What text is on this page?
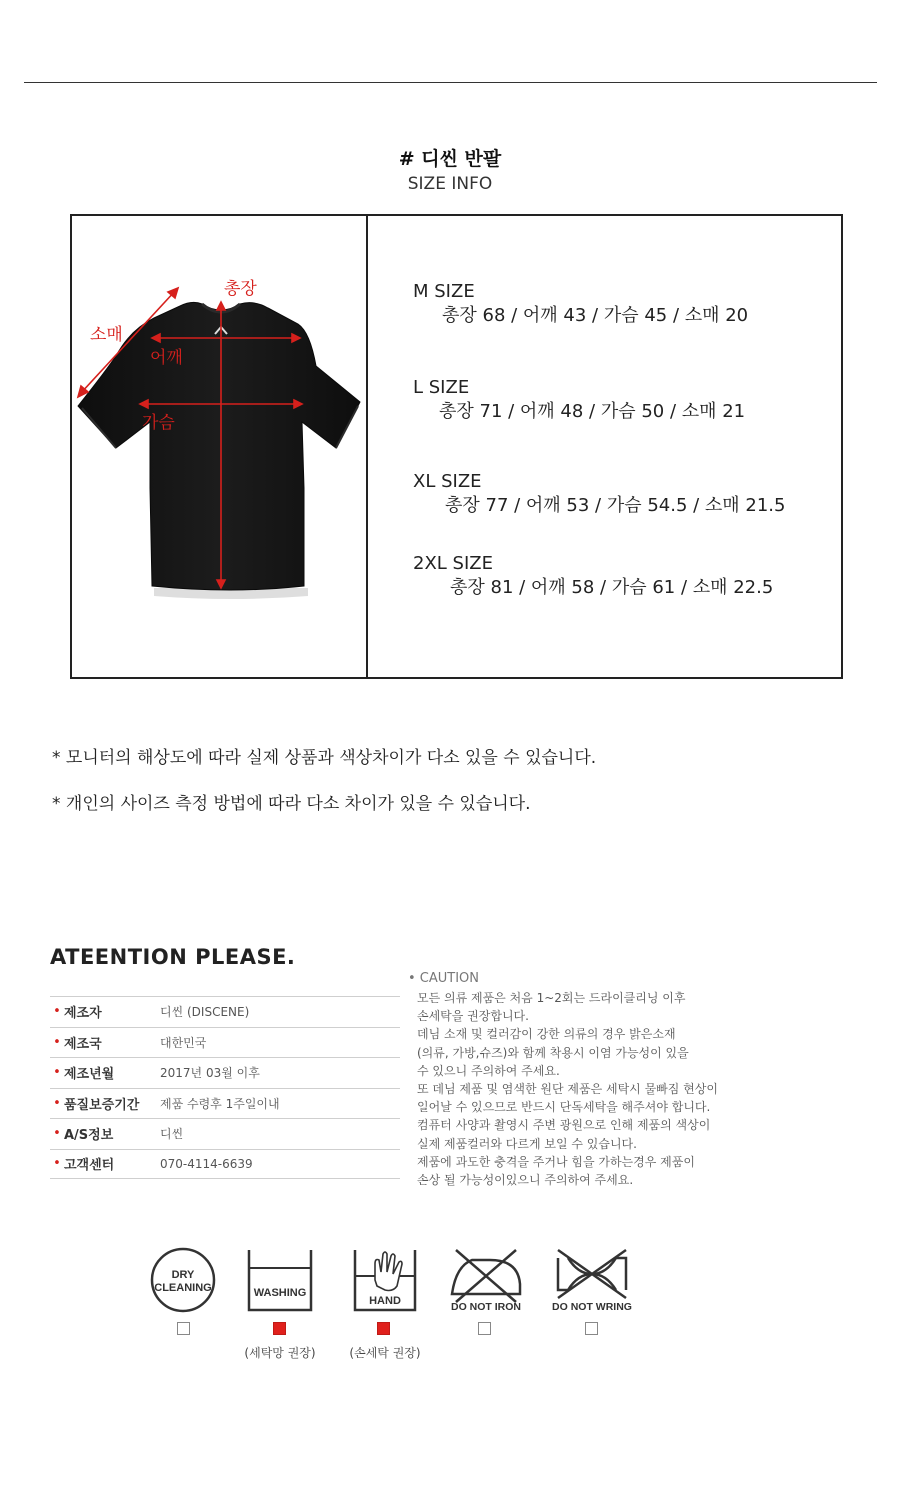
# 디씬 반팔
SIZE INFO
총장
소매
어깨
가슴
M SIZE
총장 68 / 어깨 43 / 가슴 45 / 소매 20
L SIZE
총장 71 / 어깨 48 / 가슴 50 / 소매 21
XL SIZE
총장 77 / 어깨 53 / 가슴 54.5 / 소매 21.5
2XL SIZE
총장 81 / 어깨 58 / 가슴 61 / 소매 22.5
* 모니터의 해상도에 따라 실제 상품과 색상차이가 다소 있을 수 있습니다.
* 개인의 사이즈 측정 방법에 따라 다소 차이가 있을 수 있습니다.
ATEENTION PLEASE.
• 제조자	디씬 (DISCENE)
• 제조국	대한민국
• 제조년월	2017년 03월 이후
• 품질보증기간	제품 수령후 1주일이내
• A/S정보	디씬
• 고객센터	070-4114-6639
• CAUTION
모든 의류 제품은 처음 1~2회는 드라이클리닝 이후
손세탁을 권장합니다.
데님 소재 및 컬러감이 강한 의류의 경우 밝은소재
(의류, 가방,슈즈)와 함께 착용시 이염 가능성이 있을
수 있으니 주의하여 주세요.
또 데님 제품 및 염색한 원단 제품은 세탁시 물빠짐 현상이
일어날 수 있으므로 반드시 단독세탁을 해주셔야 합니다.
컴퓨터 사양과 촬영시 주변 광원으로 인해 제품의 색상이
실제 제품컬러와 다르게 보일 수 있습니다.
제품에 과도한 충격을 주거나 힘을 가하는경우 제품이
손상 될 가능성이있으니 주의하여 주세요.
DRY
CLEANING	WASHING
(세탁망 권장)
HAND
(손세탁 권장)
DO NOT IRON	DO NOT WRING
